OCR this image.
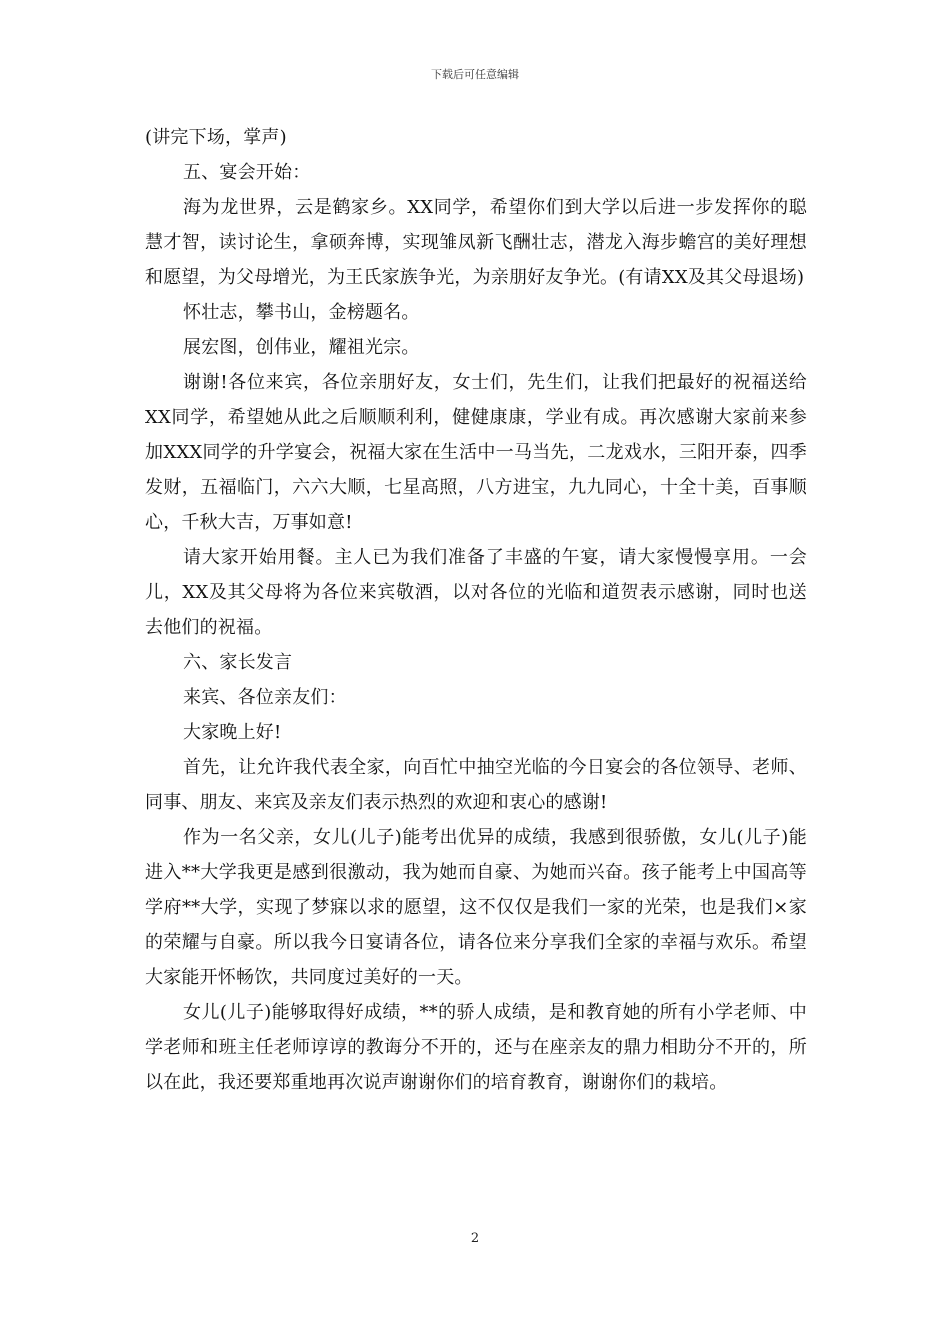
下载后可任意编辑

(讲完下场，掌声)

五、宴会开始：

海为龙世界，云是鹤家乡。XX同学，希望你们到大学以后进一步发挥你的聪慧才智，读讨论生，拿硕奔博，实现雏凤新飞酬壮志，潜龙入海步蟾宫的美好理想和愿望，为父母增光，为王氏家族争光，为亲朋好友争光。(有请XX及其父母退场)

怀壮志，攀书山，金榜题名。

展宏图，创伟业，耀祖光宗。

谢谢!各位来宾，各位亲朋好友，女士们，先生们，让我们把最好的祝福送给XX同学，希望她从此之后顺顺利利，健健康康，学业有成。再次感谢大家前来参加XXX同学的升学宴会，祝福大家在生活中一马当先，二龙戏水，三阳开泰，四季发财，五福临门，六六大顺，七星高照，八方进宝，九九同心，十全十美，百事顺心，千秋大吉，万事如意!

请大家开始用餐。主人已为我们准备了丰盛的午宴，请大家慢慢享用。一会儿，XX及其父母将为各位来宾敬酒，以对各位的光临和道贺表示感谢，同时也送去他们的祝福。

六、家长发言

来宾、各位亲友们：

大家晚上好!

首先，让允许我代表全家，向百忙中抽空光临的今日宴会的各位领导、老师、同事、朋友、来宾及亲友们表示热烈的欢迎和衷心的感谢!

作为一名父亲，女儿(儿子)能考出优异的成绩，我感到很骄傲，女儿(儿子)能进入**大学我更是感到很激动，我为她而自豪、为她而兴奋。孩子能考上中国高等学府**大学，实现了梦寐以求的愿望，这不仅仅是我们一家的光荣，也是我们×家的荣耀与自豪。所以我今日宴请各位，请各位来分享我们全家的幸福与欢乐。希望大家能开怀畅饮，共同度过美好的一天。

女儿(儿子)能够取得好成绩，**的骄人成绩，是和教育她的所有小学老师、中学老师和班主任老师谆谆的教诲分不开的，还与在座亲友的鼎力相助分不开的，所以在此，我还要郑重地再次说声谢谢你们的培育教育，谢谢你们的栽培。

2
